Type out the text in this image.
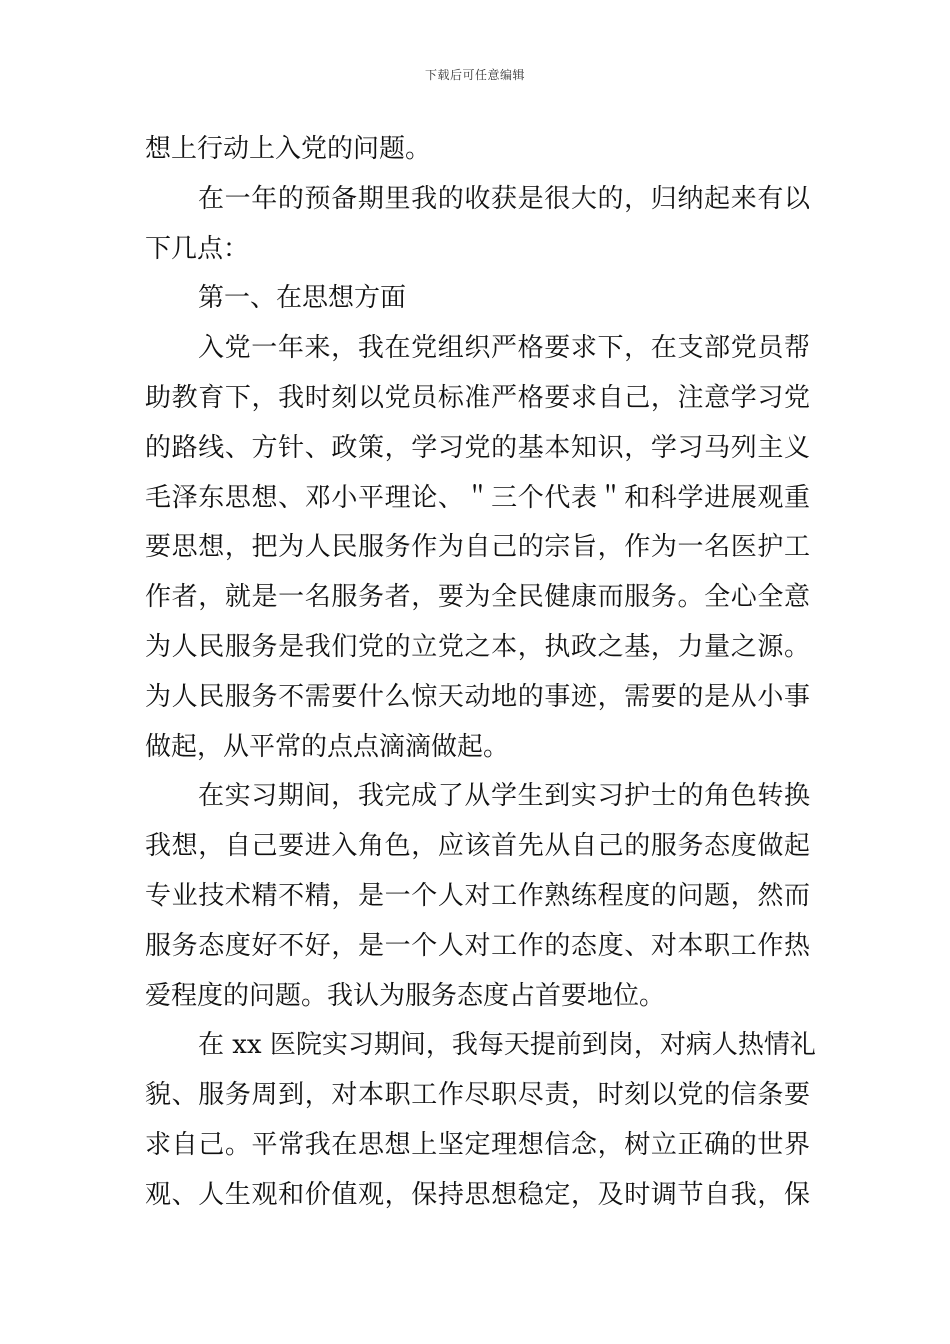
下载后可任意编辑
想上行动上入党的问题。
在一年的预备期里我的收获是很大的，归纳起来有以
下几点：
第一、在思想方面
入党一年来，我在党组织严格要求下，在支部党员帮
助教育下，我时刻以党员标准严格要求自己，注意学习党
的路线、方针、政策，学习党的基本知识，学习马列主义
毛泽东思想、邓小平理论、＂三个代表＂和科学进展观重
要思想，把为人民服务作为自己的宗旨，作为一名医护工
作者，就是一名服务者，要为全民健康而服务。全心全意
为人民服务是我们党的立党之本，执政之基，力量之源。
为人民服务不需要什么惊天动地的事迹，需要的是从小事
做起，从平常的点点滴滴做起。
在实习期间，我完成了从学生到实习护士的角色转换
我想，自己要进入角色，应该首先从自己的服务态度做起
专业技术精不精，是一个人对工作熟练程度的问题，然而
服务态度好不好，是一个人对工作的态度、对本职工作热
爱程度的问题。我认为服务态度占首要地位。
在 xx 医院实习期间，我每天提前到岗，对病人热情礼
貌、服务周到，对本职工作尽职尽责，时刻以党的信条要
求自己。平常我在思想上坚定理想信念，树立正确的世界
观、人生观和价值观，保持思想稳定，及时调节自我，保
